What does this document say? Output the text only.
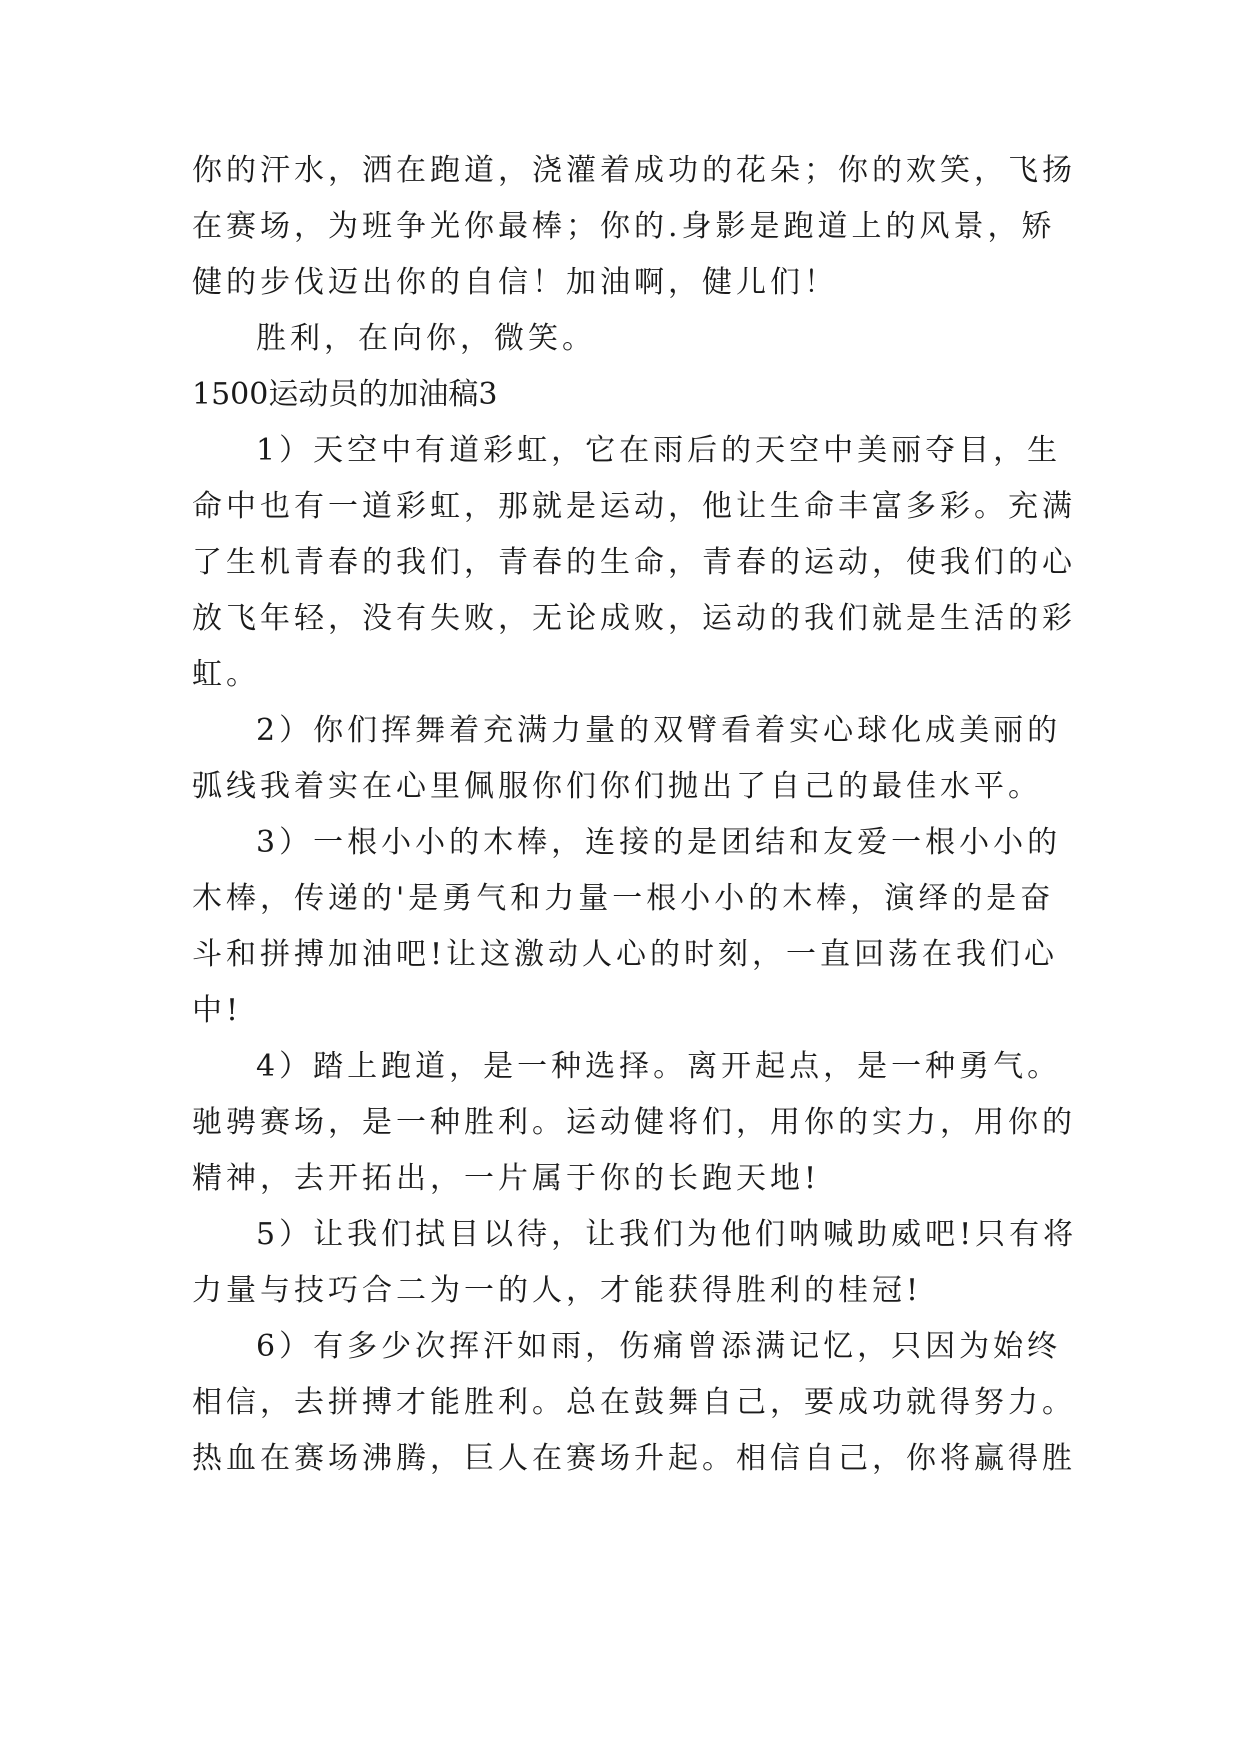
你的汗水，洒在跑道，浇灌着成功的花朵；你的欢笑，飞扬
在赛场，为班争光你最棒；你的.身影是跑道上的风景，矫
健的步伐迈出你的自信！加油啊，健儿们！
胜利，在向你，微笑。
1500运动员的加油稿3
1）天空中有道彩虹，它在雨后的天空中美丽夺目，生
命中也有一道彩虹，那就是运动，他让生命丰富多彩。充满
了生机青春的我们，青春的生命，青春的运动，使我们的心
放飞年轻，没有失败，无论成败，运动的我们就是生活的彩
虹。
2）你们挥舞着充满力量的双臂看着实心球化成美丽的
弧线我着实在心里佩服你们你们抛出了自己的最佳水平。
3）一根小小的木棒，连接的是团结和友爱一根小小的
木棒，传递的'是勇气和力量一根小小的木棒，演绎的是奋
斗和拼搏加油吧!让这激动人心的时刻，一直回荡在我们心
中!
4）踏上跑道，是一种选择。离开起点，是一种勇气。
驰骋赛场，是一种胜利。运动健将们，用你的实力，用你的
精神，去开拓出，一片属于你的长跑天地!
5）让我们拭目以待，让我们为他们呐喊助威吧!只有将
力量与技巧合二为一的人，才能获得胜利的桂冠!
6）有多少次挥汗如雨，伤痛曾添满记忆，只因为始终
相信，去拼搏才能胜利。总在鼓舞自己，要成功就得努力。
热血在赛场沸腾，巨人在赛场升起。相信自己，你将赢得胜
